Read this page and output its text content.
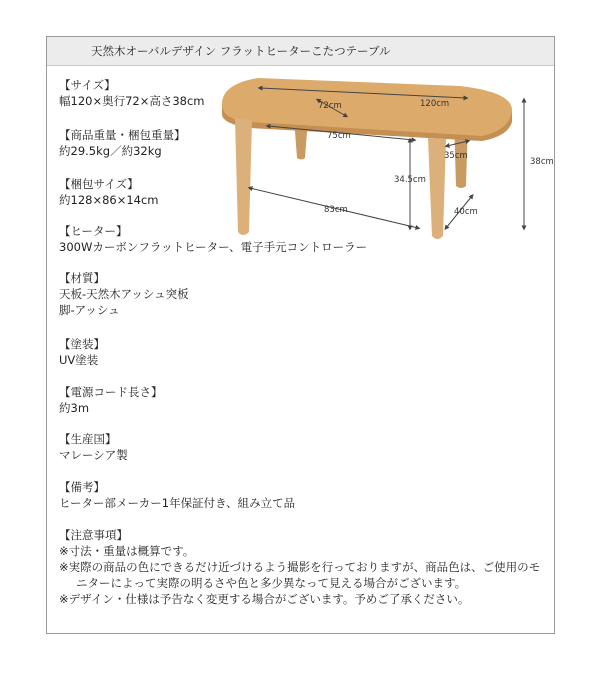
天然木オーバルデザイン フラットヒーターこたつテーブル
【サイズ】
幅120×奥行72×高さ38cm
【商品重量・梱包重量】
約29.5kg／約32kg
【梱包サイズ】
約128×86×14cm
【ヒーター】
300Wカーボンフラットヒーター、電子手元コントローラー
【材質】
天板-天然木アッシュ突板
脚-アッシュ
【塗装】
UV塗装
【電源コード長さ】
約3m
【生産国】
マレーシア製
【備考】
ヒーター部メーカー1年保証付き、組み立て品
【注意事項】
※寸法・重量は概算です。
※実際の商品の色にできるだけ近づけるよう撮影を行っておりますが、商品色は、ご使用のモ
ニターによって実際の明るさや色と多少異なって見える場合がございます。
※デザイン・仕様は予告なく変更する場合がございます。予めご了承ください。
120cm
72cm
75cm
35cm
34.5cm
38cm
83cm	40cm
